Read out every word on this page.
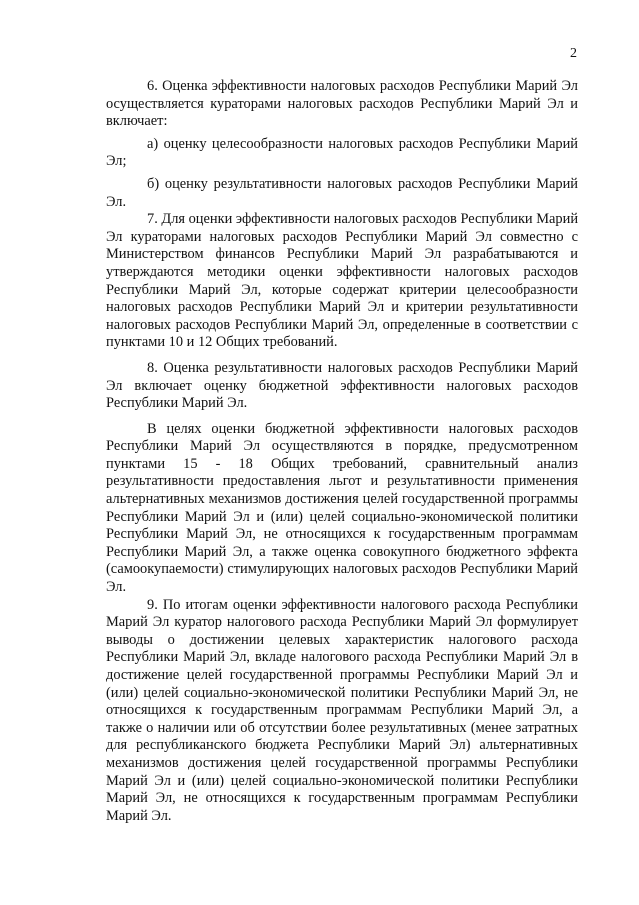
2

6. Оценка эффективности налоговых расходов Республики Марий Эл осуществляется кураторами налоговых расходов Республики Марий Эл и включает:

а) оценку целесообразности налоговых расходов Республики Марий Эл;

б) оценку результативности налоговых расходов Республики Марий Эл.

7. Для оценки эффективности налоговых расходов Республики Марий Эл кураторами налоговых расходов Республики Марий Эл совместно с Министерством финансов Республики Марий Эл разрабатываются и утверждаются методики оценки эффективности налоговых расходов Республики Марий Эл, которые содержат критерии целесообразности налоговых расходов Республики Марий Эл и критерии результативности налоговых расходов Республики Марий Эл, определенные в соответствии с пунктами 10 и 12 Общих требований.

8. Оценка результативности налоговых расходов Республики Марий Эл включает оценку бюджетной эффективности налоговых расходов Республики Марий Эл.

В целях оценки бюджетной эффективности налоговых расходов Республики Марий Эл осуществляются в порядке, предусмотренном пунктами 15 - 18 Общих требований, сравнительный анализ результативности предоставления льгот и результативности применения альтернативных механизмов достижения целей государственной программы Республики Марий Эл и (или) целей социально-экономической политики Республики Марий Эл, не относящихся к государственным программам Республики Марий Эл, а также оценка совокупного бюджетного эффекта (самоокупаемости) стимулирующих налоговых расходов Республики Марий Эл.

9. По итогам оценки эффективности налогового расхода Республики Марий Эл куратор налогового расхода Республики Марий Эл формулирует выводы о достижении целевых характеристик налогового расхода Республики Марий Эл, вкладе налогового расхода Республики Марий Эл в достижение целей государственной программы Республики Марий Эл и (или) целей социально-экономической политики Республики Марий Эл, не относящихся к государственным программам Республики Марий Эл, а также о наличии или об отсутствии более результативных (менее затратных для республиканского бюджета Республики Марий Эл) альтернативных механизмов достижения целей государственной программы Республики Марий Эл и (или) целей социально-экономической политики Республики Марий Эл, не относящихся к государственным программам Республики Марий Эл.
